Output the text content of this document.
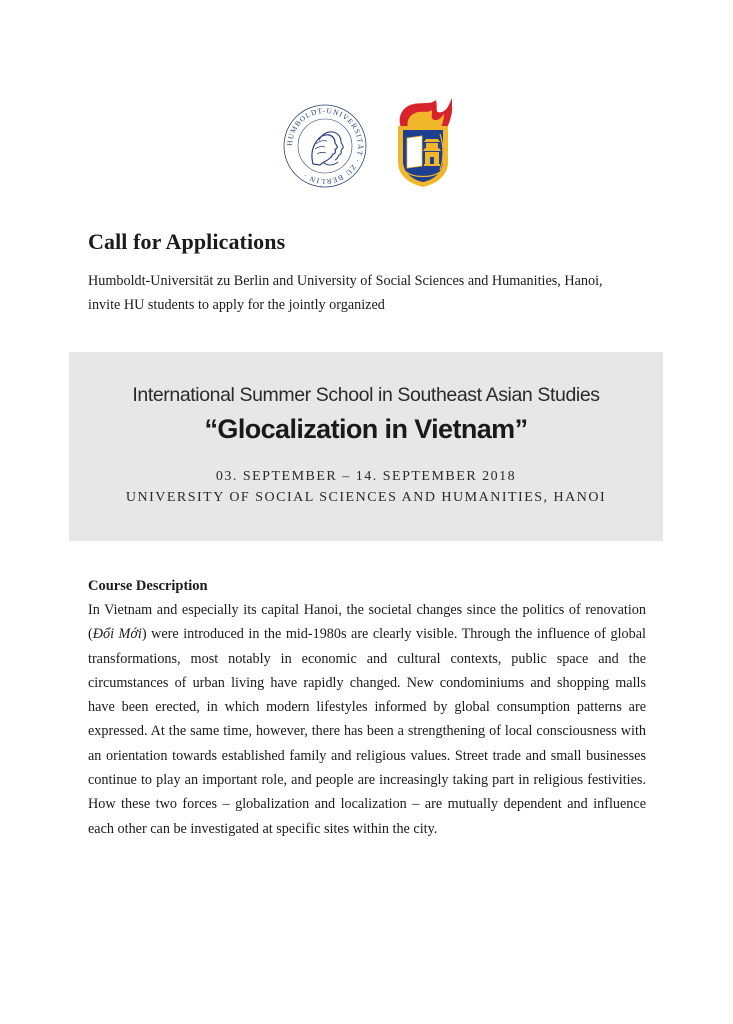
HUMBOLDT-UNIVERSITÄT · ZU BERLIN ·
Call for Applications

Humboldt-Universität zu Berlin and University of Social Sciences and Humanities, Hanoi,
invite HU students to apply for the jointly organized

International Summer School in Southeast Asian Studies
“Glocalization in Vietnam”
03. SEPTEMBER – 14. SEPTEMBER 2018
UNIVERSITY OF SOCIAL SCIENCES AND HUMANITIES, HANOI
Course Description

In Vietnam and especially its capital Hanoi, the societal changes since the politics of renovation (Đổi Mới) were introduced in the mid-1980s are clearly visible. Through the influence of global transformations, most notably in economic and cultural contexts, public space and the circumstances of urban living have rapidly changed. New condominiums and shopping malls have been erected, in which modern lifestyles informed by global consumption patterns are expressed. At the same time, however, there has been a strengthening of local consciousness with an orientation towards established family and religious values. Street trade and small businesses continue to play an important role, and people are increasingly taking part in religious festivities. How these two forces – globalization and localization – are mutually dependent and influence each other can be investigated at specific sites within the city.
